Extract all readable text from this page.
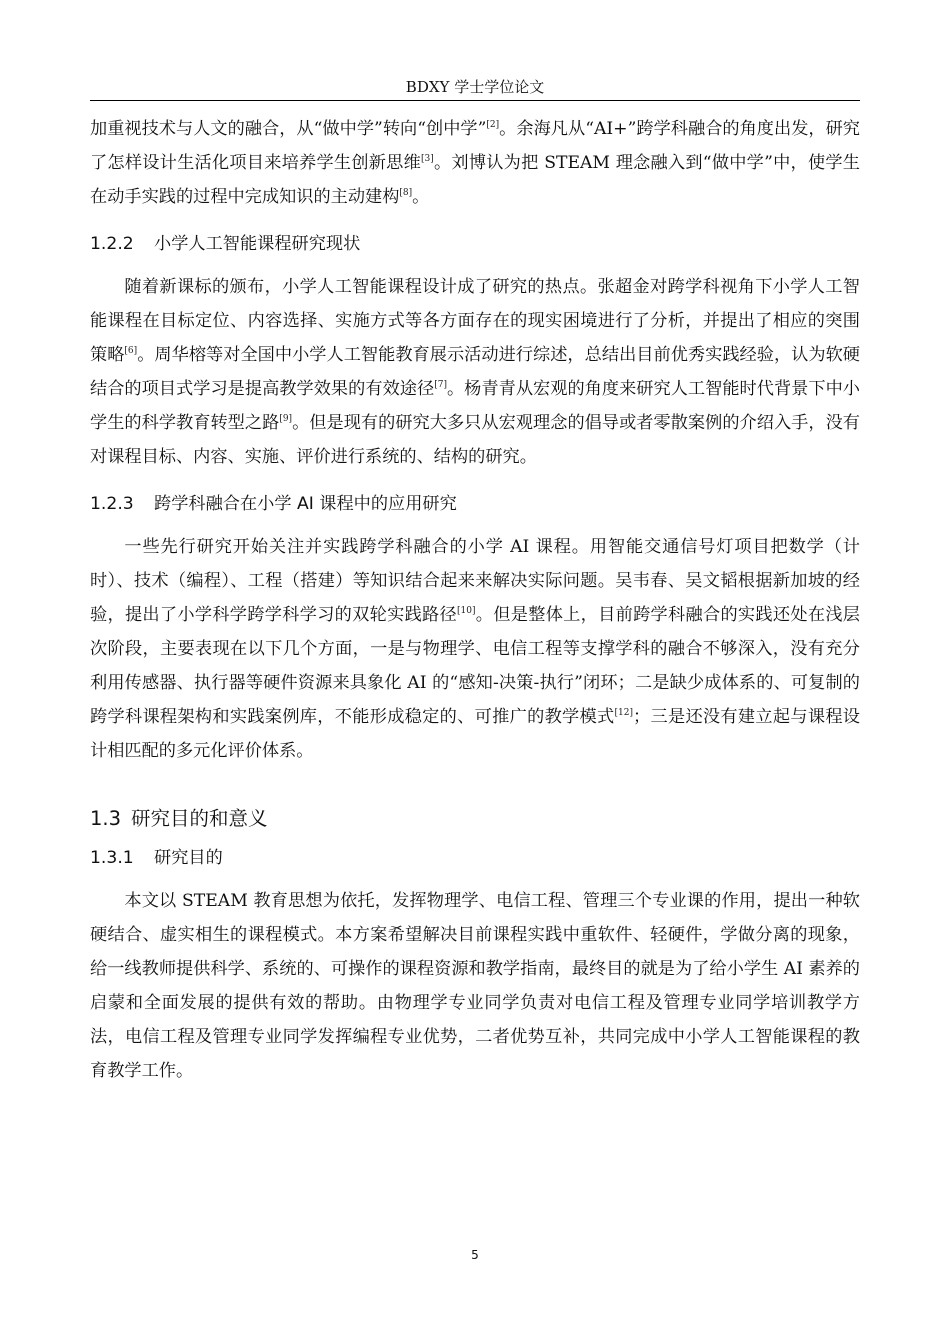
BDXY 学士学位论文

加重视技术与人文的融合，从“做中学”转向“创中学”[2]。余海凡从“AI+”跨学科融合的角度出发，研究了怎样设计生活化项目来培养学生创新思维[3]。刘博认为把 STEAM 理念融入到“做中学”中，使学生在动手实践的过程中完成知识的主动建构[8]。

1.2.2 小学人工智能课程研究现状

随着新课标的颁布，小学人工智能课程设计成了研究的热点。张超金对跨学科视角下小学人工智能课程在目标定位、内容选择、实施方式等各方面存在的现实困境进行了分析，并提出了相应的突围策略[6]。周华榕等对全国中小学人工智能教育展示活动进行综述，总结出目前优秀实践经验，认为软硬结合的项目式学习是提高教学效果的有效途径[7]。杨青青从宏观的角度来研究人工智能时代背景下中小学生的科学教育转型之路[9]。但是现有的研究大多只从宏观理念的倡导或者零散案例的介绍入手，没有对课程目标、内容、实施、评价进行系统的、结构的研究。

1.2.3 跨学科融合在小学 AI 课程中的应用研究

一些先行研究开始关注并实践跨学科融合的小学 AI 课程。用智能交通信号灯项目把数学（计时）、技术（编程）、工程（搭建）等知识结合起来来解决实际问题。吴韦春、吴文韬根据新加坡的经验，提出了小学科学跨学科学习的双轮实践路径[10]。但是整体上，目前跨学科融合的实践还处在浅层次阶段，主要表现在以下几个方面，一是与物理学、电信工程等支撑学科的融合不够深入，没有充分利用传感器、执行器等硬件资源来具象化 AI 的“感知-决策-执行”闭环；二是缺少成体系的、可复制的跨学科课程架构和实践案例库，不能形成稳定的、可推广的教学模式[12]；三是还没有建立起与课程设计相匹配的多元化评价体系。

1.3 研究目的和意义
1.3.1 研究目的

本文以 STEAM 教育思想为依托，发挥物理学、电信工程、管理三个专业课的作用，提出一种软硬结合、虚实相生的课程模式。本方案希望解决目前课程实践中重软件、轻硬件，学做分离的现象，给一线教师提供科学、系统的、可操作的课程资源和教学指南，最终目的就是为了给小学生 AI 素养的启蒙和全面发展的提供有效的帮助。由物理学专业同学负责对电信工程及管理专业同学培训教学方法，电信工程及管理专业同学发挥编程专业优势，二者优势互补，共同完成中小学人工智能课程的教育教学工作。

5
